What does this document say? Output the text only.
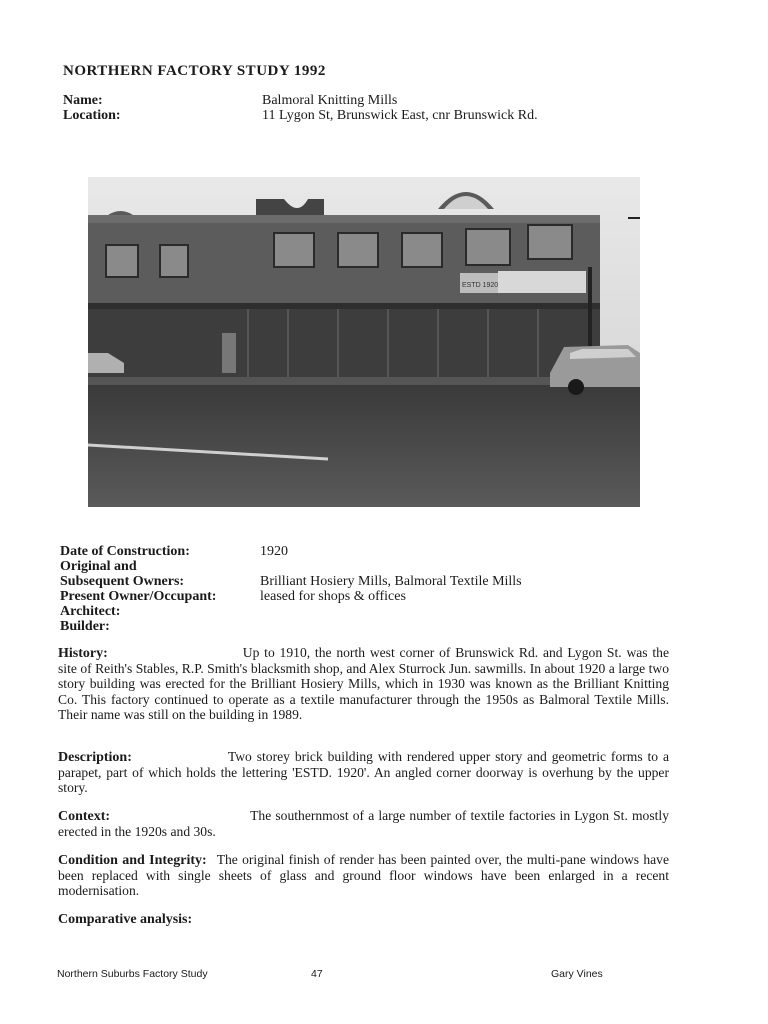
NORTHERN FACTORY STUDY 1992
Name:	Balmoral Knitting Mills
Location:	11 Lygon St, Brunswick East, cnr Brunswick Rd.
ESTD 1920
Date of Construction:	1920
Original and
Subsequent Owners:	Brilliant Hosiery Mills, Balmoral Textile Mills
Present Owner/Occupant:	leased for shops & offices
Architect:
Builder:
History:	Up to 1910, the north west corner of Brunswick Rd. and Lygon St. was the site of Reith's Stables, R.P. Smith's blacksmith shop, and Alex Sturrock Jun. sawmills. In about 1920 a large two story building was erected for the Brilliant Hosiery Mills, which in 1930 was known as the Brilliant Knitting Co. This factory continued to operate as a textile manufacturer through the 1950s as Balmoral Textile Mills. Their name was still on the building in 1989.
Description:	Two storey brick building with rendered upper story and geometric forms to a parapet, part of which holds the lettering 'ESTD. 1920'. An angled corner doorway is overhung by the upper story.
Context:	The southernmost of a large number of textile factories in Lygon St. mostly erected in the 1920s and 30s.
Condition and Integrity: The original finish of render has been painted over, the multi-pane windows have been replaced with single sheets of glass and ground floor windows have been enlarged in a recent modernisation.
Comparative analysis:
Northern Suburbs Factory Study	47	Gary Vines
